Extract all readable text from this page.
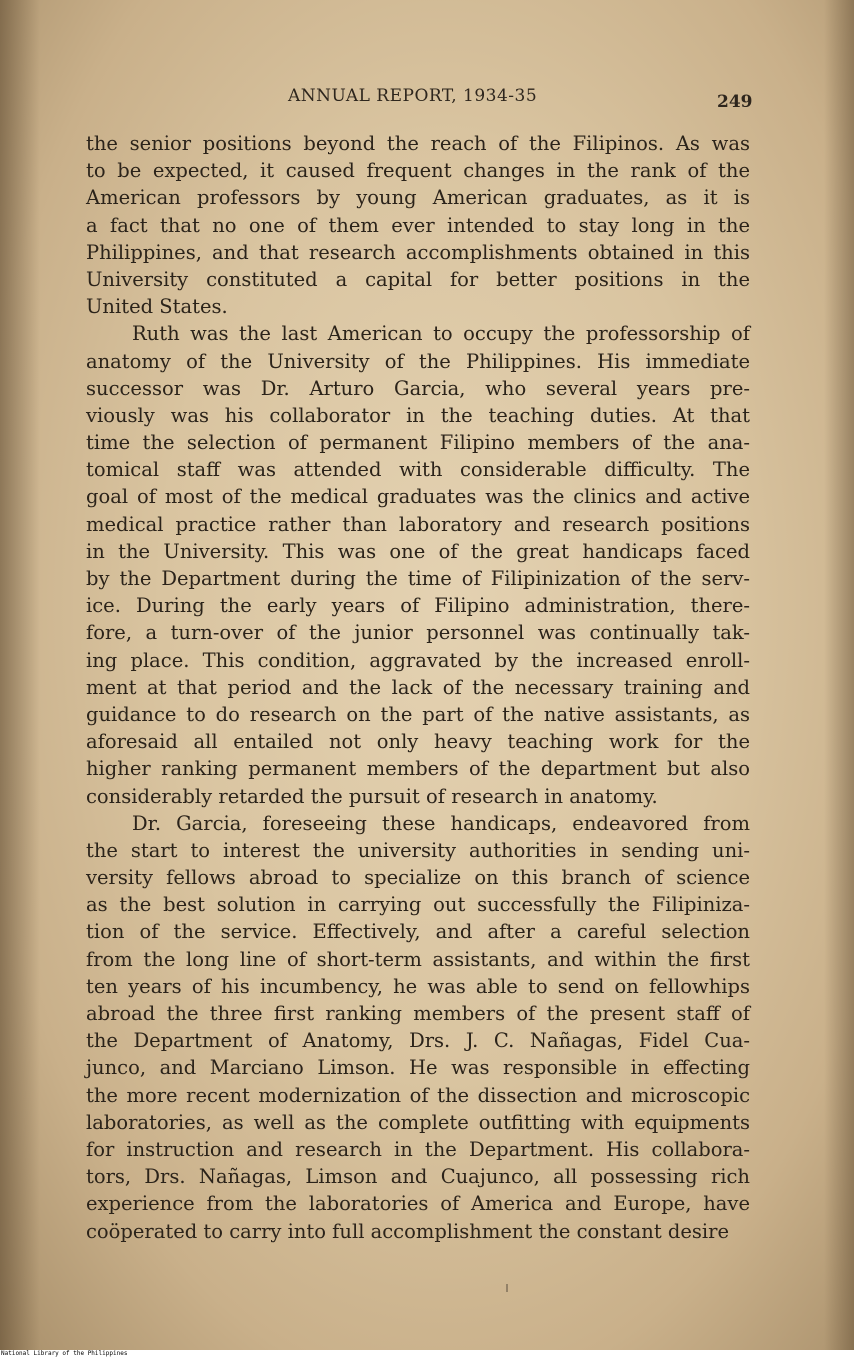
ANNUAL REPORT, 1934-35	249
the senior positions beyond the reach of the Filipinos. As was
to be expected, it caused frequent changes in the rank of the
American professors by young American graduates, as it is
a fact that no one of them ever intended to stay long in the
Philippines, and that research accomplishments obtained in this
University constituted a capital for better positions in the
United States.
Ruth was the last American to occupy the professorship of
anatomy of the University of the Philippines. His immediate
successor was Dr. Arturo Garcia, who several years pre-
viously was his collaborator in the teaching duties. At that
time the selection of permanent Filipino members of the ana-
tomical staff was attended with considerable difficulty. The
goal of most of the medical graduates was the clinics and active
medical practice rather than laboratory and research positions
in the University. This was one of the great handicaps faced
by the Department during the time of Filipinization of the serv-
ice. During the early years of Filipino administration, there-
fore, a turn-over of the junior personnel was continually tak-
ing place. This condition, aggravated by the increased enroll-
ment at that period and the lack of the necessary training and
guidance to do research on the part of the native assistants, as
aforesaid all entailed not only heavy teaching work for the
higher ranking permanent members of the department but also
considerably retarded the pursuit of research in anatomy.
Dr. Garcia, foreseeing these handicaps, endeavored from
the start to interest the university authorities in sending uni-
versity fellows abroad to specialize on this branch of science
as the best solution in carrying out successfully the Filipiniza-
tion of the service. Effectively, and after a careful selection
from the long line of short-term assistants, and within the first
ten years of his incumbency, he was able to send on fellowhips
abroad the three first ranking members of the present staff of
the Department of Anatomy, Drs. J. C. Nañagas, Fidel Cua-
junco, and Marciano Limson. He was responsible in effecting
the more recent modernization of the dissection and microscopic
laboratories, as well as the complete outfitting with equipments
for instruction and research in the Department. His collabora-
tors, Drs. Nañagas, Limson and Cuajunco, all possessing rich
experience from the laboratories of America and Europe, have
coöperated to carry into full accomplishment the constant desire
National Library of the Philippines
